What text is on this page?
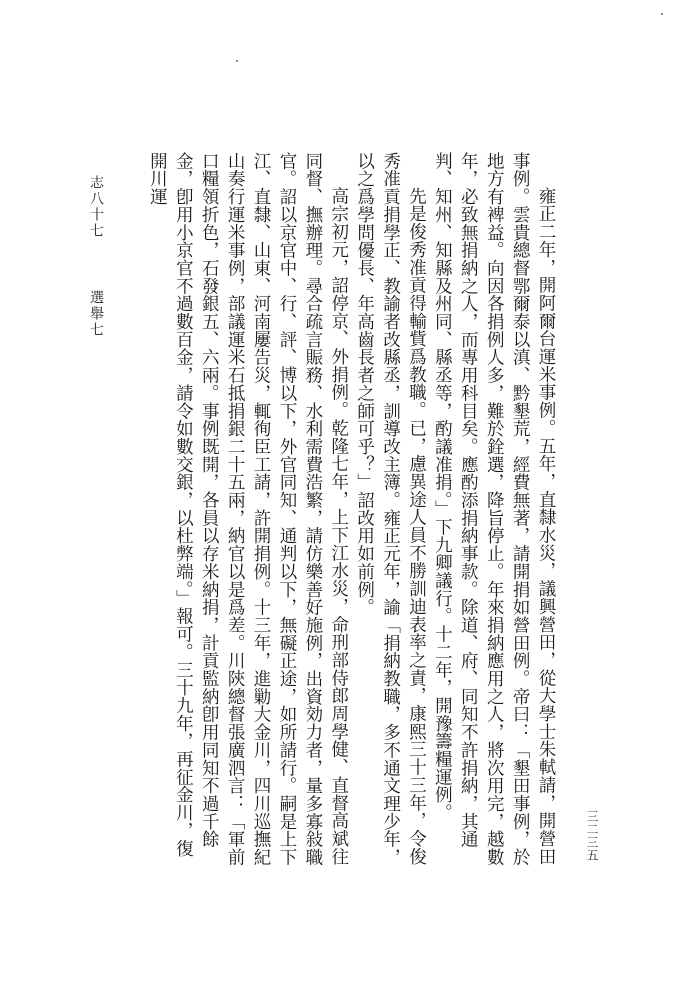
雍正二年，開阿爾台運米事例。五年，直隸水災，議興營田，從大學士朱軾請，開營田事例。雲貴總督鄂爾泰以滇、黔墾荒，經費無著，請開捐如營田例。帝曰：「墾田事例，於地方有裨益。向因各捐例人多，難於銓選，降旨停止。年來捐納應用之人，將次用完，越數年，必致無捐納之人，而專用科目矣。應酌添捐納事款。除道、府、同知不許捐納，其通判、知州、知縣及州同、縣丞等，酌議准捐。」下九卿議行。十二年，開豫籌糧運例。

先是俊秀准貢得輸貲爲教職。已，慮異途人員不勝訓迪表率之責，康熙三十三年，令俊秀准貢捐學正、教諭者改縣丞，訓導改主簿。雍正元年，諭「捐納教職，多不通文理少年，以之爲學問優長、年高齒長者之師可乎？」詔改用如前例。

高宗初元，詔停京、外捐例。乾隆七年，上下江水災，命刑部侍郎周學健、直督高斌往同督、撫辦理。尋合疏言賑務、水利需費浩繁，請仿樂善好施例，出資効力者，量多寡敍職官。詔以京官中、行、評、博以下，外官同知、通判以下，無礙正途，如所請行。嗣是上下江、直隸、山東、河南屢告災，輒徇臣工請，許開捐例。十三年，進勦大金川，四川巡撫紀山奏行運米事例，部議運米石抵捐銀二十五兩，納官以是爲差。川陝總督張廣泗言：「軍前口糧領折色，石發銀五、六兩。事例既開，各員以存米納捐，計貢監納卽用同知不過千餘金，卽用小京官不過數百金，請令如數交銀，以杜弊端。」報可。三十九年，再征金川，復開川運

志八十七
選舉七
三二三五
